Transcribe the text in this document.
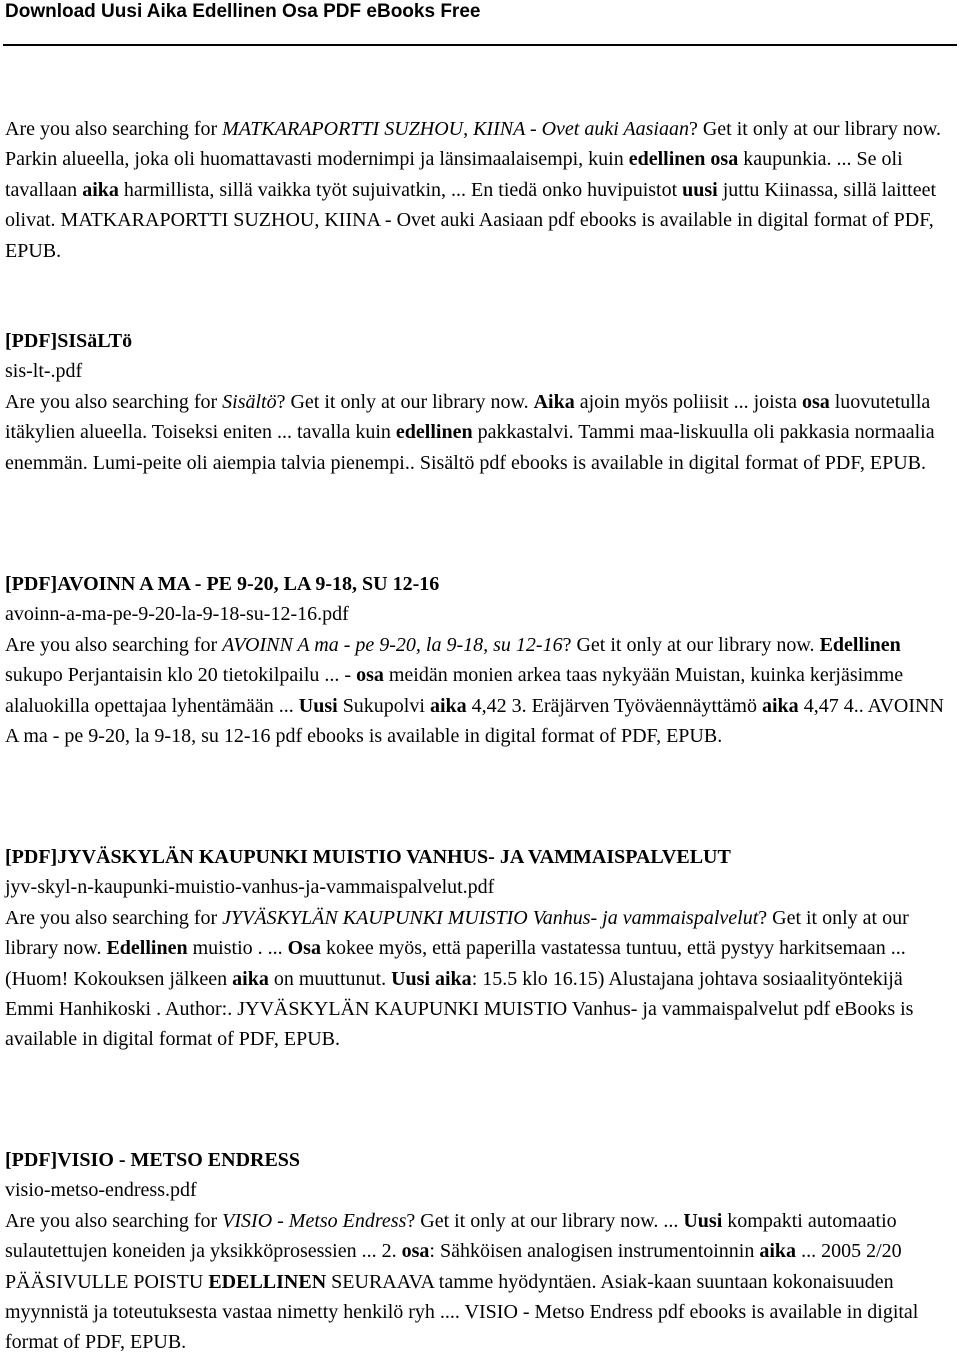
Download Uusi Aika Edellinen Osa PDF eBooks Free

Are you also searching for MATKARAPORTTI SUZHOU, KIINA - Ovet auki Aasiaan? Get it only at our library now. Parkin alueella, joka oli huomattavasti modernimpi ja länsimaalaisempi, kuin edellinen osa kaupunkia. ... Se oli tavallaan aika harmillista, sillä vaikka työt sujuivatkin, ... En tiedä onko huvipuistot uusi juttu Kiinassa, sillä laitteet olivat. MATKARAPORTTI SUZHOU, KIINA - Ovet auki Aasiaan pdf ebooks is available in digital format of PDF, EPUB.

[PDF]SISäLTö

sis-lt-.pdf

Are you also searching for Sisältö? Get it only at our library now. Aika ajoin myös poliisit ... joista osa luovutetulla itäkylien alueella. Toiseksi eniten ... tavalla kuin edellinen pakkastalvi. Tammi maa-liskuulla oli pakkasia normaalia enemmän. Lumi-peite oli aiempia talvia pienempi.. Sisältö pdf ebooks is available in digital format of PDF, EPUB.

[PDF]AVOINN A MA - PE 9-20, LA 9-18, SU 12-16

avoinn-a-ma-pe-9-20-la-9-18-su-12-16.pdf

Are you also searching for AVOINN A ma - pe 9-20, la 9-18, su 12-16? Get it only at our library now. Edellinen sukupo Perjantaisin klo 20 tietokilpailu ... - osa meidän monien arkea taas nykyään Muistan, kuinka kerjäsimme alaluokilla opettajaa lyhentämään ... Uusi Sukupolvi aika 4,42 3. Eräjärven Työväennäyttämö aika 4,47 4.. AVOINN A ma - pe 9-20, la 9-18, su 12-16 pdf ebooks is available in digital format of PDF, EPUB.

[PDF]JYVÄSKYLÄN KAUPUNKI MUISTIO VANHUS- JA VAMMAISPALVELUT

jyv-skyl-n-kaupunki-muistio-vanhus-ja-vammaispalvelut.pdf

Are you also searching for JYVÄSKYLÄN KAUPUNKI MUISTIO Vanhus- ja vammaispalvelut? Get it only at our library now. Edellinen muistio . ... Osa kokee myös, että paperilla vastatessa tuntuu, että pystyy harkitsemaan ... (Huom! Kokouksen jälkeen aika on muuttunut. Uusi aika: 15.5 klo 16.15) Alustajana johtava sosiaalityöntekijä Emmi Hanhikoski . Author:. JYVÄSKYLÄN KAUPUNKI MUISTIO Vanhus- ja vammaispalvelut pdf eBooks is available in digital format of PDF, EPUB.

[PDF]VISIO - METSO ENDRESS

visio-metso-endress.pdf

Are you also searching for VISIO - Metso Endress? Get it only at our library now. ... Uusi kompakti automaatio sulautettujen koneiden ja yksikköprosessien ... 2. osa: Sähköisen analogisen instrumentoinnin aika ... 2005 2/20 PÄÄSIVULLE POISTU EDELLINEN SEURAAVA tamme hyödyntäen. Asiak-kaan suuntaan kokonaisuuden myynnistä ja toteutuksesta vastaa nimetty henkilö ryh .... VISIO - Metso Endress pdf ebooks is available in digital format of PDF, EPUB.
